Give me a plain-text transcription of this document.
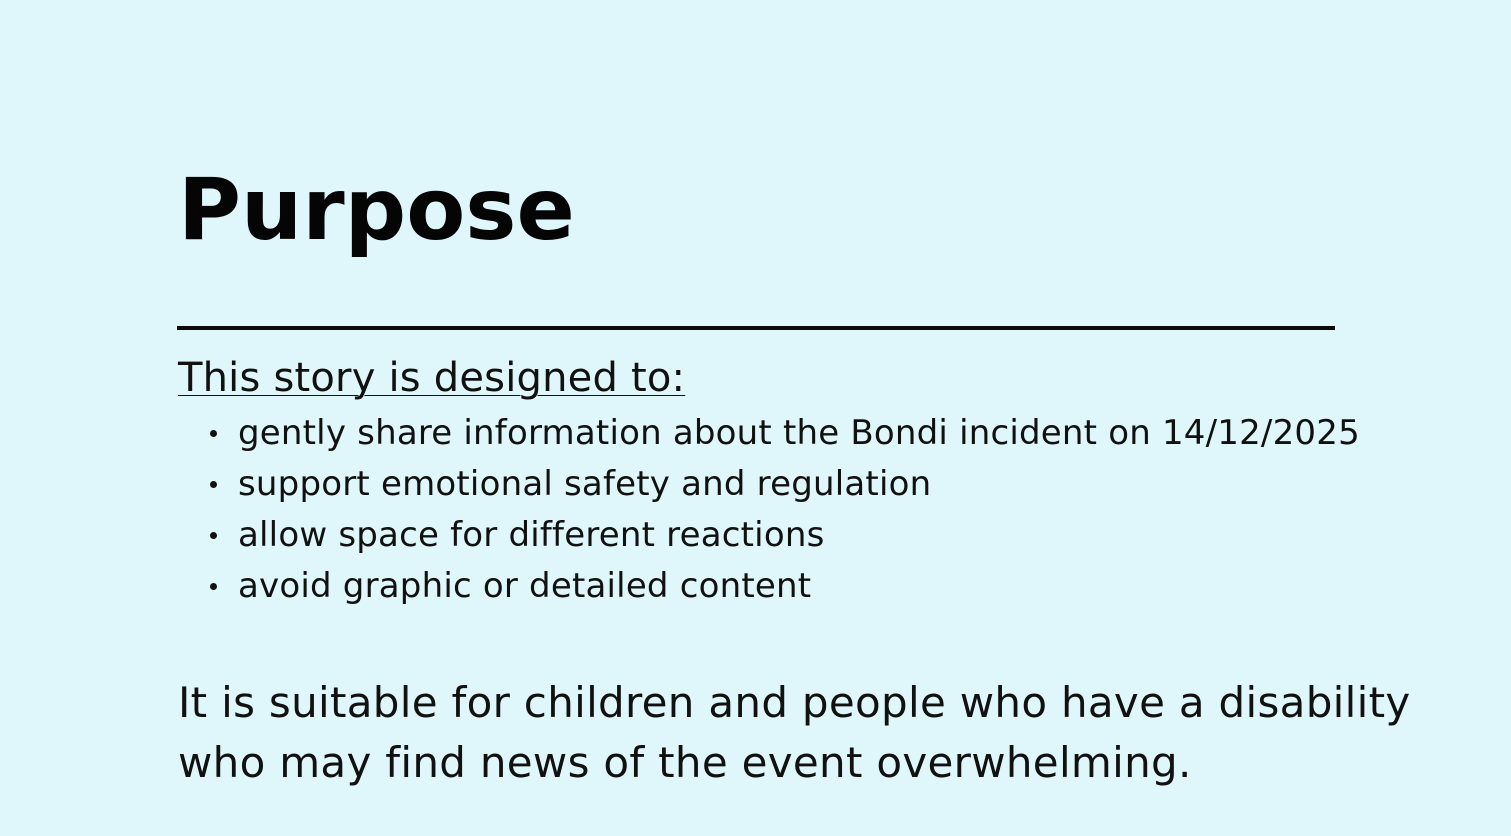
Purpose

This story is designed to:

gently share information about the Bondi incident on 14/12/2025
support emotional safety and regulation
allow space for different reactions
avoid graphic or detailed content

It is suitable for children and people who have a disability who may find news of the event overwhelming.
